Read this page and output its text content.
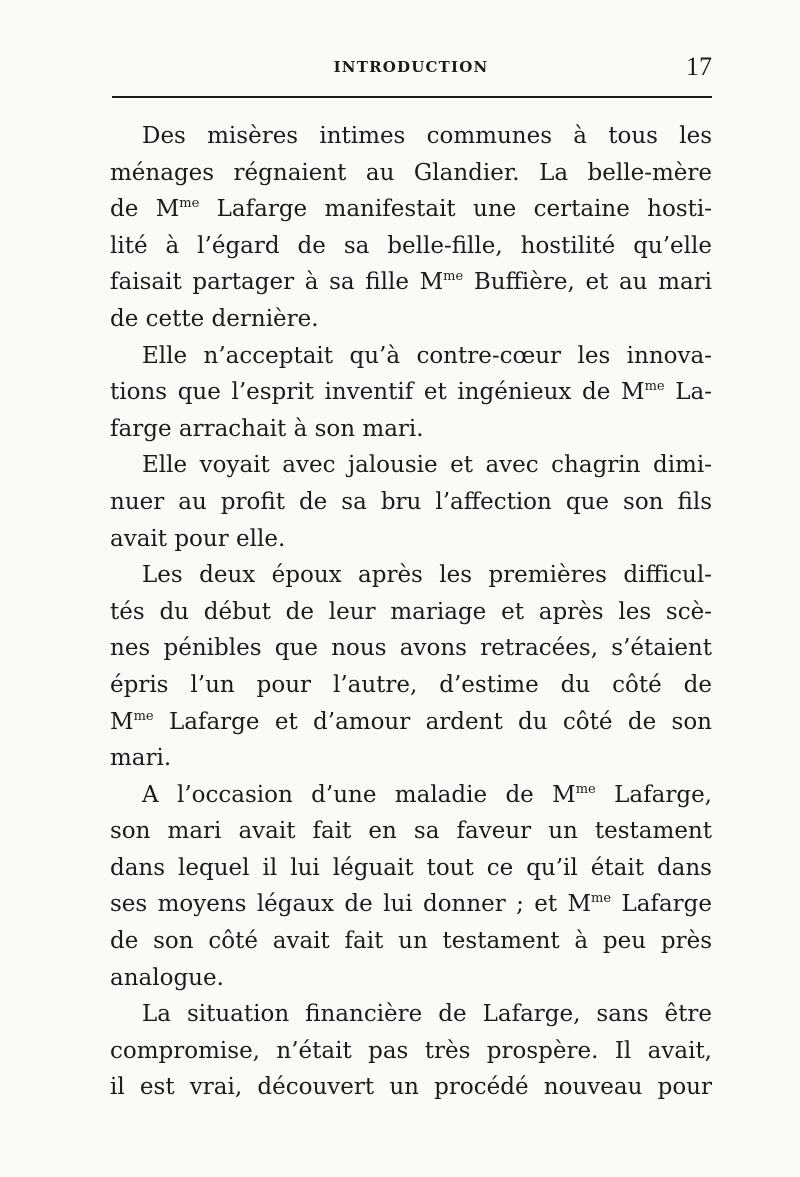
INTRODUCTION	17
Des misères intimes communes à tous les
ménages régnaient au Glandier. La belle-mère
de $M^{me}$ Lafarge manifestait une certaine hosti-
lité à l’égard de sa belle-fille, hostilité qu’elle
faisait partager à sa fille $M^{me}$ Buffière, et au mari
de cette dernière.
Elle n’acceptait qu’à contre-cœur les innova-
tions que l’esprit inventif et ingénieux de $M^{me}$ La-
farge arrachait à son mari.
Elle voyait avec jalousie et avec chagrin dimi-
nuer au profit de sa bru l’affection que son fils
avait pour elle.
Les deux époux après les premières difficul-
tés du début de leur mariage et après les scè-
nes pénibles que nous avons retracées, s’étaient
épris l’un pour l’autre, d’estime du côté de
$M^{me}$ Lafarge et d’amour ardent du côté de son
mari.
A l’occasion d’une maladie de $M^{me}$ Lafarge,
son mari avait fait en sa faveur un testament
dans lequel il lui léguait tout ce qu’il était dans
ses moyens légaux de lui donner ; et $M^{me}$ Lafarge
de son côté avait fait un testament à peu près
analogue.
La situation financière de Lafarge, sans être
compromise, n’était pas très prospère. Il avait,
il est vrai, découvert un procédé nouveau pour
